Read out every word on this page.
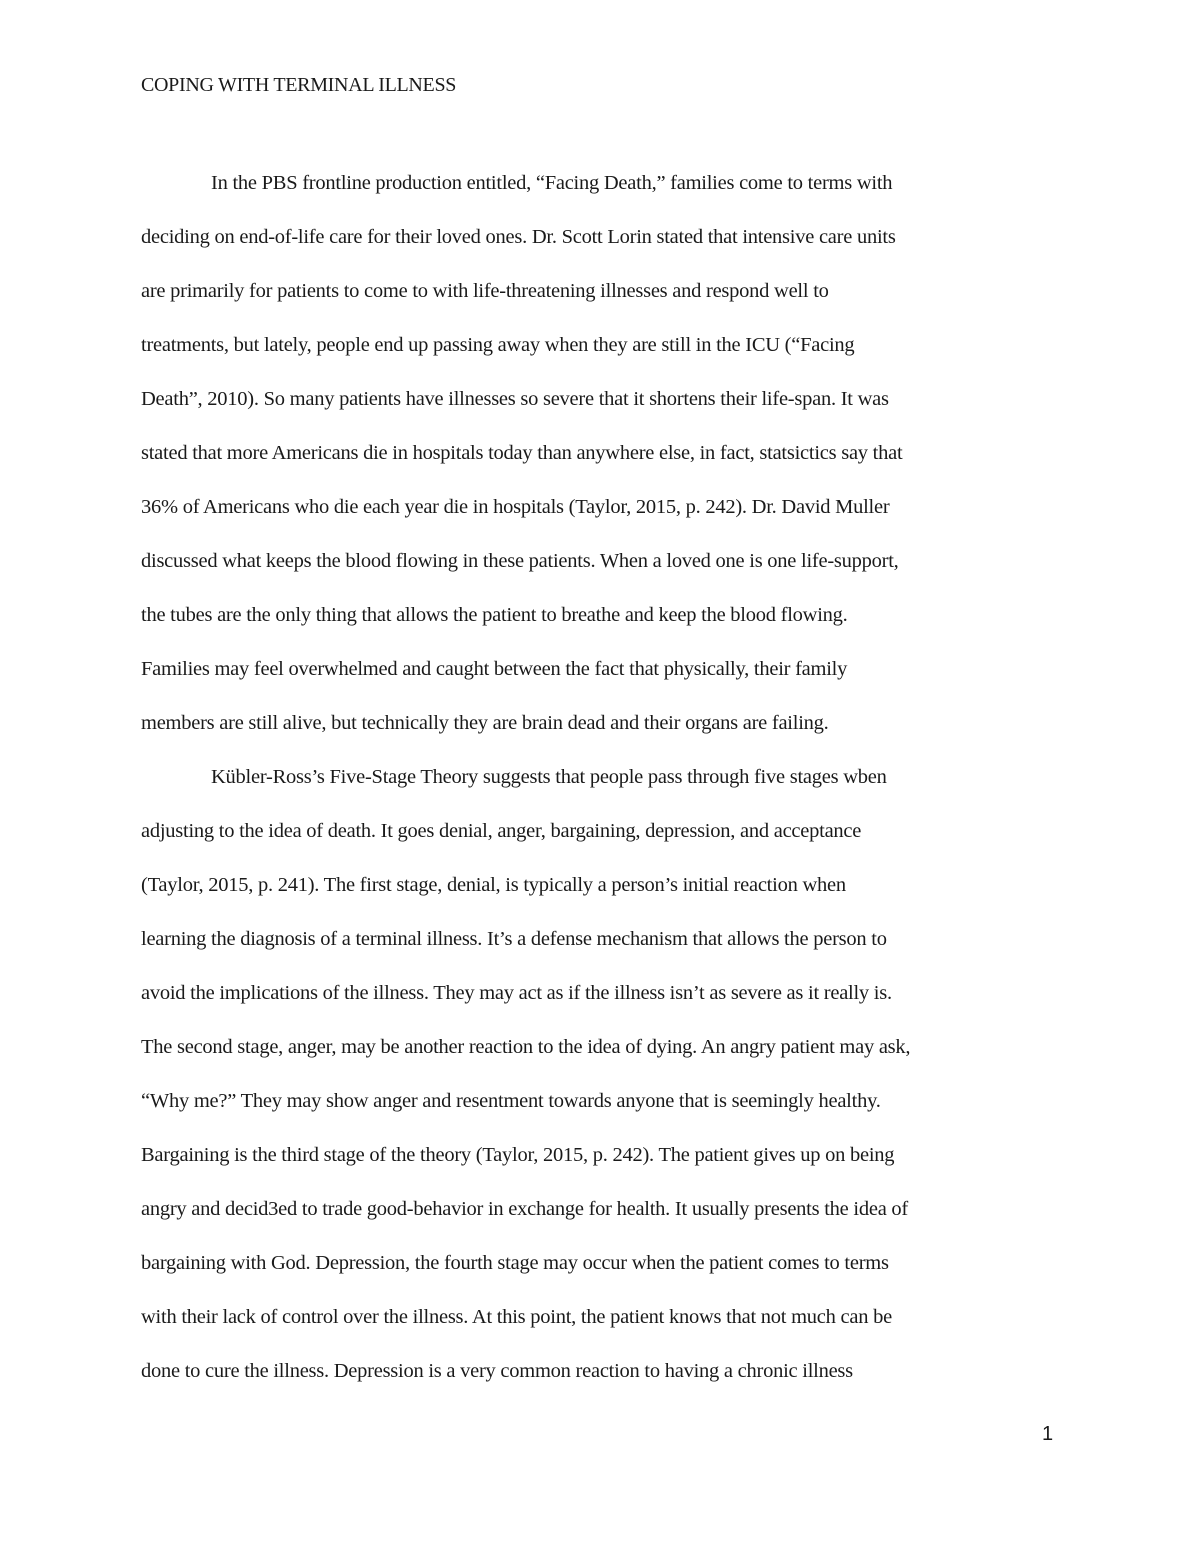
COPING WITH TERMINAL ILLNESS
In the PBS frontline production entitled, “Facing Death,” families come to terms with
deciding on end-of-life care for their loved ones. Dr. Scott Lorin stated that intensive care units
are primarily for patients to come to with life-threatening illnesses and respond well to
treatments, but lately, people end up passing away when they are still in the ICU (“Facing
Death”, 2010). So many patients have illnesses so severe that it shortens their life-span. It was
stated that more Americans die in hospitals today than anywhere else, in fact, statsictics say that
36% of Americans who die each year die in hospitals (Taylor, 2015, p. 242). Dr. David Muller
discussed what keeps the blood flowing in these patients. When a loved one is one life-support,
the tubes are the only thing that allows the patient to breathe and keep the blood flowing.
Families may feel overwhelmed and caught between the fact that physically, their family
members are still alive, but technically they are brain dead and their organs are failing.
Kübler-Ross’s Five-Stage Theory suggests that people pass through five stages wben
adjusting to the idea of death. It goes denial, anger, bargaining, depression, and acceptance
(Taylor, 2015, p. 241). The first stage, denial, is typically a person’s initial reaction when
learning the diagnosis of a terminal illness. It’s a defense mechanism that allows the person to
avoid the implications of the illness. They may act as if the illness isn’t as severe as it really is.
The second stage, anger, may be another reaction to the idea of dying. An angry patient may ask,
“Why me?” They may show anger and resentment towards anyone that is seemingly healthy.
Bargaining is the third stage of the theory (Taylor, 2015, p. 242). The patient gives up on being
angry and decid3ed to trade good-behavior in exchange for health. It usually presents the idea of
bargaining with God. Depression, the fourth stage may occur when the patient comes to terms
with their lack of control over the illness. At this point, the patient knows that not much can be
done to cure the illness. Depression is a very common reaction to having a chronic illness
1
